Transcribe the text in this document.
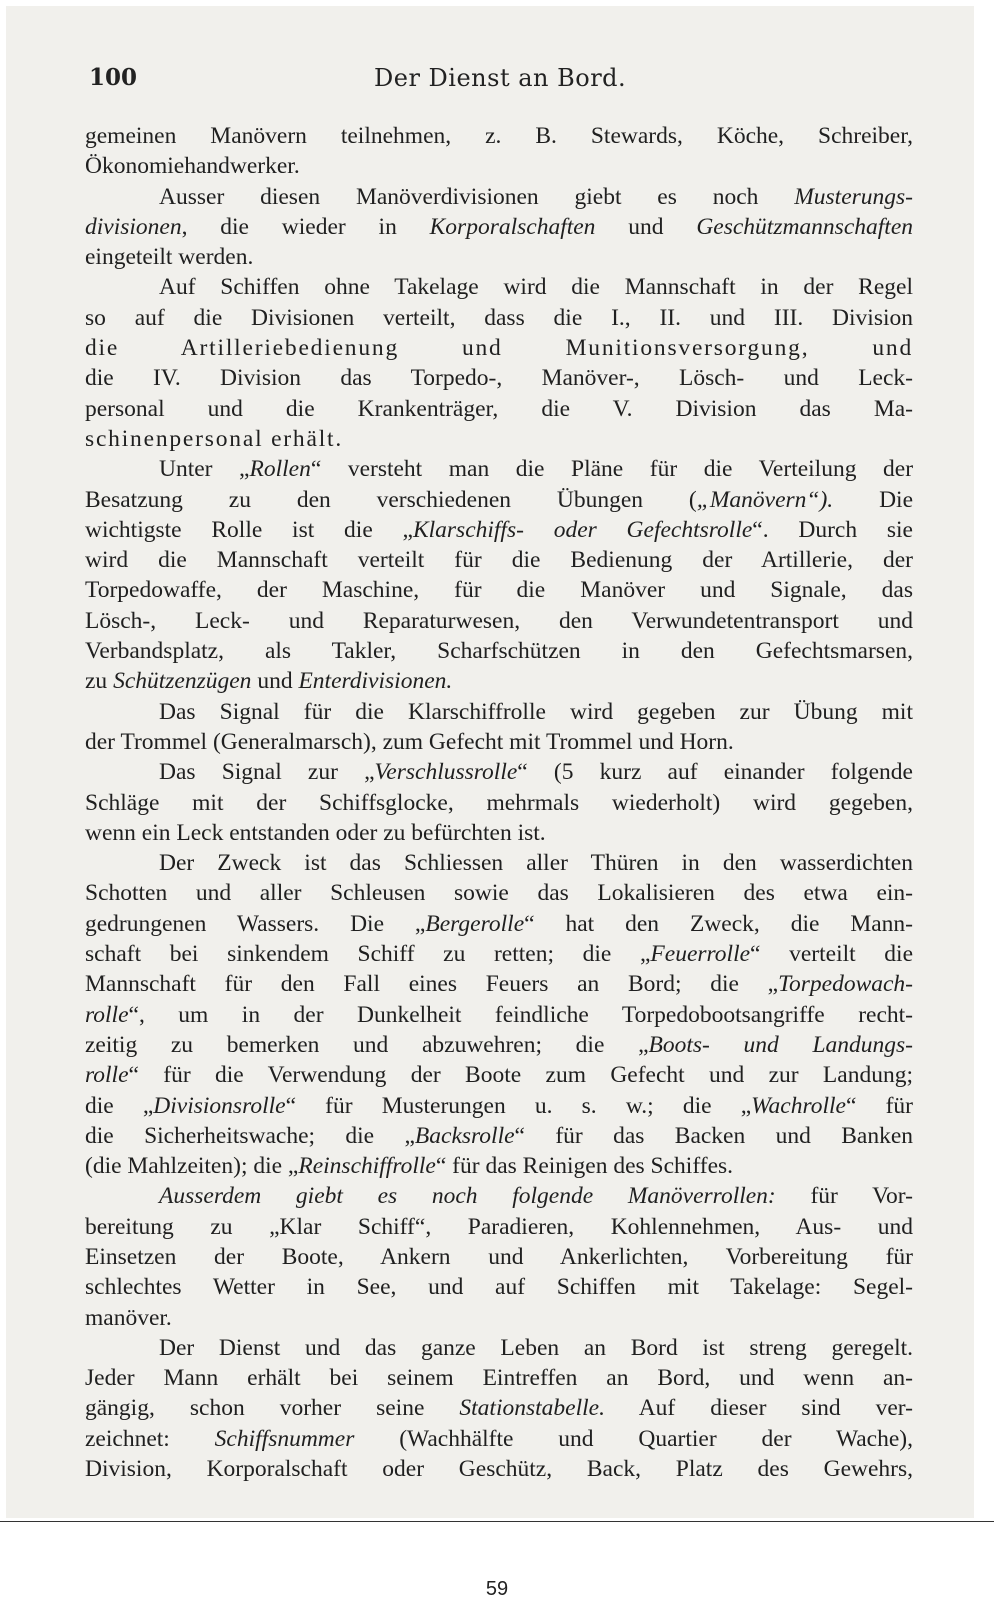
100	Der Dienst an Bord.
gemeinen Manövern teilnehmen, z. B. Stewards, Köche, Schreiber,
Ökonomiehandwerker.
Ausser diesen Manöverdivisionen giebt es noch Musterungs-
divisionen, die wieder in Korporalschaften und Geschützmannschaften
eingeteilt werden.
Auf Schiffen ohne Takelage wird die Mannschaft in der Regel
so auf die Divisionen verteilt, dass die I., II. und III. Division
die Artilleriebedienung und Munitionsversorgung, und
die IV. Division das Torpedo-, Manöver-, Lösch- und Leck-
personal und die Krankenträger, die V. Division das Ma-
schinenpersonal erhält.
Unter „Rollen“ versteht man die Pläne für die Verteilung der
Besatzung zu den verschiedenen Übungen („Manövern“). Die
wichtigste Rolle ist die „Klarschiffs- oder Gefechtsrolle“. Durch sie
wird die Mannschaft verteilt für die Bedienung der Artillerie, der
Torpedowaffe, der Maschine, für die Manöver und Signale, das
Lösch-, Leck- und Reparaturwesen, den Verwundetentransport und
Verbandsplatz, als Takler, Scharfschützen in den Gefechtsmarsen,
zu Schützenzügen und Enterdivisionen.
Das Signal für die Klarschiffrolle wird gegeben zur Übung mit
der Trommel (Generalmarsch), zum Gefecht mit Trommel und Horn.
Das Signal zur „Verschlussrolle“ (5 kurz auf einander folgende
Schläge mit der Schiffsglocke, mehrmals wiederholt) wird gegeben,
wenn ein Leck entstanden oder zu befürchten ist.
Der Zweck ist das Schliessen aller Thüren in den wasserdichten
Schotten und aller Schleusen sowie das Lokalisieren des etwa ein-
gedrungenen Wassers. Die „Bergerolle“ hat den Zweck, die Mann-
schaft bei sinkendem Schiff zu retten; die „Feuerrolle“ verteilt die
Mannschaft für den Fall eines Feuers an Bord; die „Torpedowach-
rolle“, um in der Dunkelheit feindliche Torpedobootsangriffe recht-
zeitig zu bemerken und abzuwehren; die „Boots- und Landungs-
rolle“ für die Verwendung der Boote zum Gefecht und zur Landung;
die „Divisionsrolle“ für Musterungen u. s. w.; die „Wachrolle“ für
die Sicherheitswache; die „Backsrolle“ für das Backen und Banken
(die Mahlzeiten); die „Reinschiffrolle“ für das Reinigen des Schiffes.
Ausserdem giebt es noch folgende Manöverrollen: für Vor-
bereitung zu „Klar Schiff“, Paradieren, Kohlennehmen, Aus- und
Einsetzen der Boote, Ankern und Ankerlichten, Vorbereitung für
schlechtes Wetter in See, und auf Schiffen mit Takelage: Segel-
manöver.
Der Dienst und das ganze Leben an Bord ist streng geregelt.
Jeder Mann erhält bei seinem Eintreffen an Bord, und wenn an-
gängig, schon vorher seine Stationstabelle. Auf dieser sind ver-
zeichnet: Schiffsnummer (Wachhälfte und Quartier der Wache),
Division, Korporalschaft oder Geschütz, Back, Platz des Gewehrs,
59
